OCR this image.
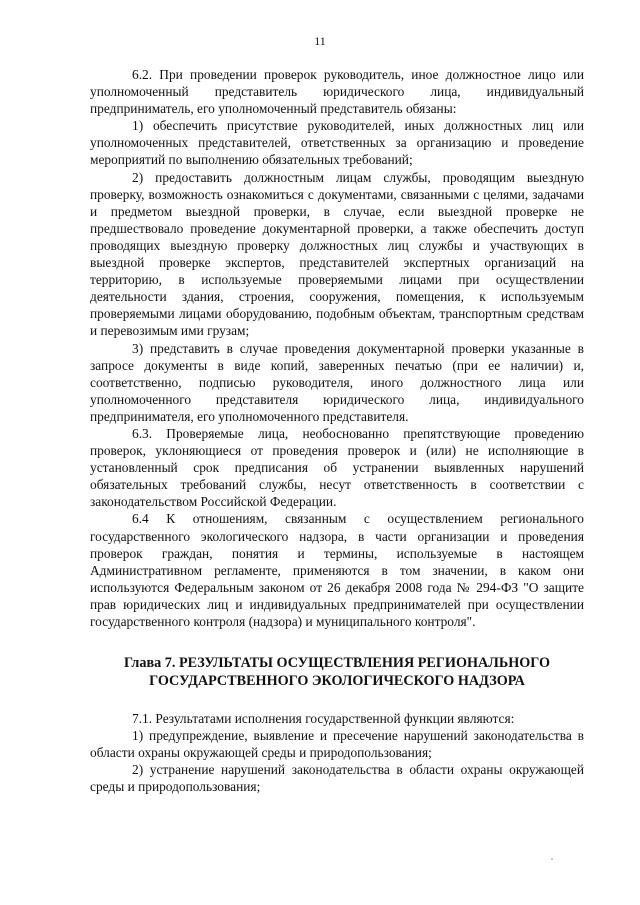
11

6.2. При проведении проверок руководитель, иное должностное лицо или уполномоченный представитель юридического лица, индивидуальный предприниматель, его уполномоченный представитель обязаны:

1) обеспечить присутствие руководителей, иных должностных лиц или уполномоченных представителей, ответственных за организацию и проведение мероприятий по выполнению обязательных требований;

2) предоставить должностным лицам службы, проводящим выездную проверку, возможность ознакомиться с документами, связанными с целями, задачами и предметом выездной проверки, в случае, если выездной проверке не предшествовало проведение документарной проверки, а также обеспечить доступ проводящих выездную проверку должностных лиц службы и участвующих в выездной проверке экспертов, представителей экспертных организаций на территорию, в используемые проверяемыми лицами при осуществлении деятельности здания, строения, сооружения, помещения, к используемым проверяемыми лицами оборудованию, подобным объектам, транспортным средствам и перевозимым ими грузам;

3) представить в случае проведения документарной проверки указанные в запросе документы в виде копий, заверенных печатью (при ее наличии) и, соответственно, подписью руководителя, иного должностного лица или уполномоченного представителя юридического лица, индивидуального предпринимателя, его уполномоченного представителя.

6.3. Проверяемые лица, необоснованно препятствующие проведению проверок, уклоняющиеся от проведения проверок и (или) не исполняющие в установленный срок предписания об устранении выявленных нарушений обязательных требований службы, несут ответственность в соответствии с законодательством Российской Федерации.

6.4 К отношениям, связанным с осуществлением регионального государственного экологического надзора, в части организации и проведения проверок граждан, понятия и термины, используемые в настоящем Административном регламенте, применяются в том значении, в каком они используются Федеральным законом от 26 декабря 2008 года № 294-ФЗ "О защите прав юридических лиц и индивидуальных предпринимателей при осуществлении государственного контроля (надзора) и муниципального контроля".

Глава 7. РЕЗУЛЬТАТЫ ОСУЩЕСТВЛЕНИЯ РЕГИОНАЛЬНОГО
ГОСУДАРСТВЕННОГО ЭКОЛОГИЧЕСКОГО НАДЗОРА

7.1. Результатами исполнения государственной функции являются:

1) предупреждение, выявление и пресечение нарушений законодательства в области охраны окружающей среды и природопользования;

2) устранение нарушений законодательства в области охраны окружающей среды и природопользования;
